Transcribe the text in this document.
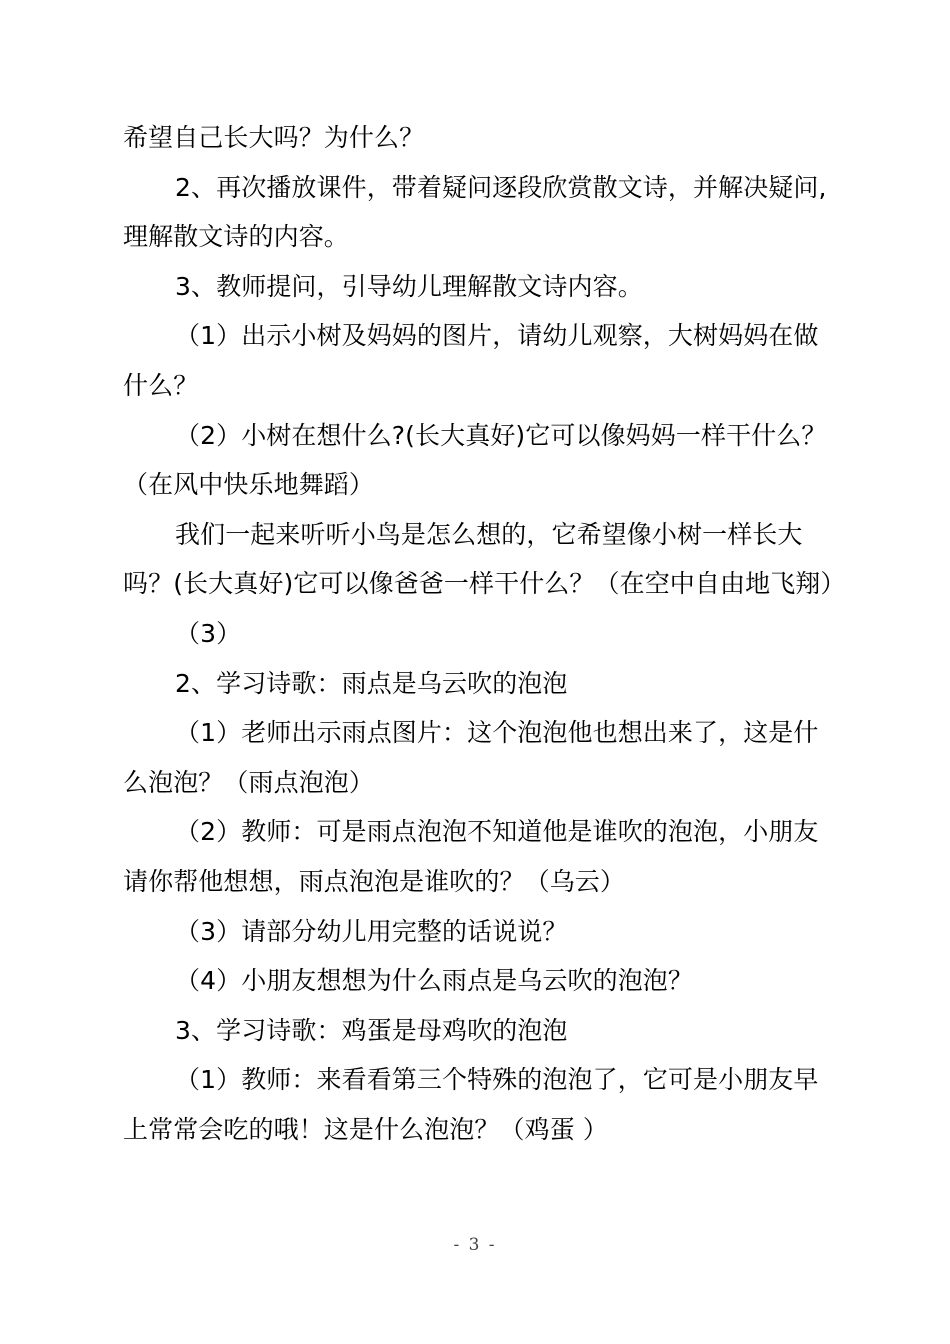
希望自己长大吗？为什么？

2、再次播放课件，带着疑问逐段欣赏散文诗，并解决疑问,理解散文诗的内容。

3、教师提问，引导幼儿理解散文诗内容。

（1）出示小树及妈妈的图片，请幼儿观察，大树妈妈在做什么？

（2）小树在想什么?(长大真好)它可以像妈妈一样干什么？（在风中快乐地舞蹈）

我们一起来听听小鸟是怎么想的，它希望像小树一样长大吗？(长大真好)它可以像爸爸一样干什么？（在空中自由地飞翔）

（3）

2、学习诗歌：雨点是乌云吹的泡泡

（1）老师出示雨点图片：这个泡泡他也想出来了，这是什么泡泡？（雨点泡泡）

（2）教师：可是雨点泡泡不知道他是谁吹的泡泡，小朋友请你帮他想想，雨点泡泡是谁吹的？（乌云）

（3）请部分幼儿用完整的话说说？

（4）小朋友想想为什么雨点是乌云吹的泡泡？

3、学习诗歌：鸡蛋是母鸡吹的泡泡

（1）教师：来看看第三个特殊的泡泡了，它可是小朋友早上常常会吃的哦！这是什么泡泡？（鸡蛋 ）

- 3 -
